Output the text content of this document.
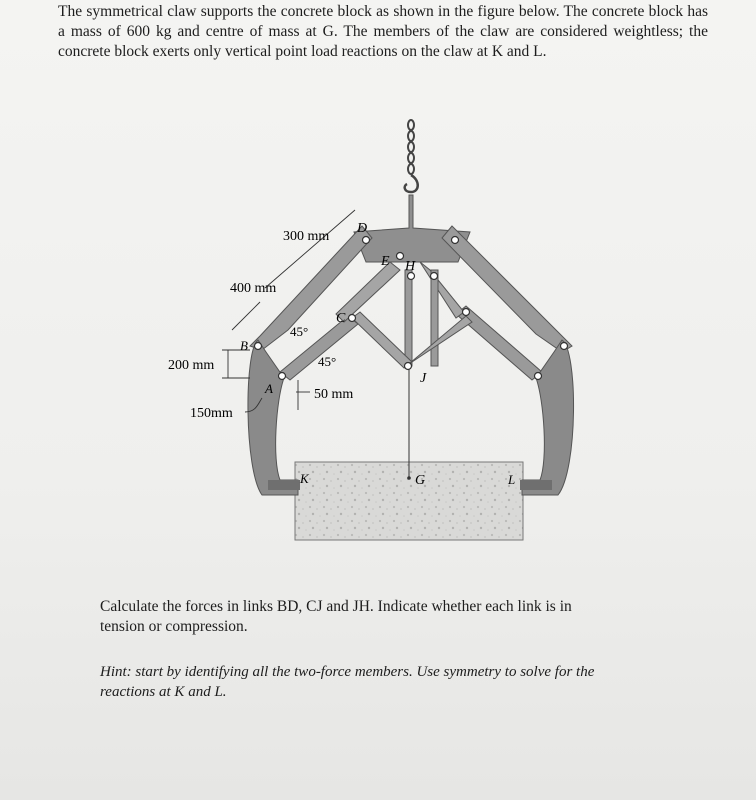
The symmetrical claw supports the concrete block as shown in the figure below. The concrete block has a mass of 600 kg and centre of mass at G. The members of the claw are considered weightless; the concrete block exerts only vertical point load reactions on the claw at K and L.
300 mm
400 mm
200 mm
150mm
50 mm
45°
45°
D
E H
C
B
A
J
K	G	L
Calculate the forces in links BD, CJ and JH. Indicate whether each link is in tension or compression.
Hint: start by identifying all the two-force members. Use symmetry to solve for the reactions at K and L.
